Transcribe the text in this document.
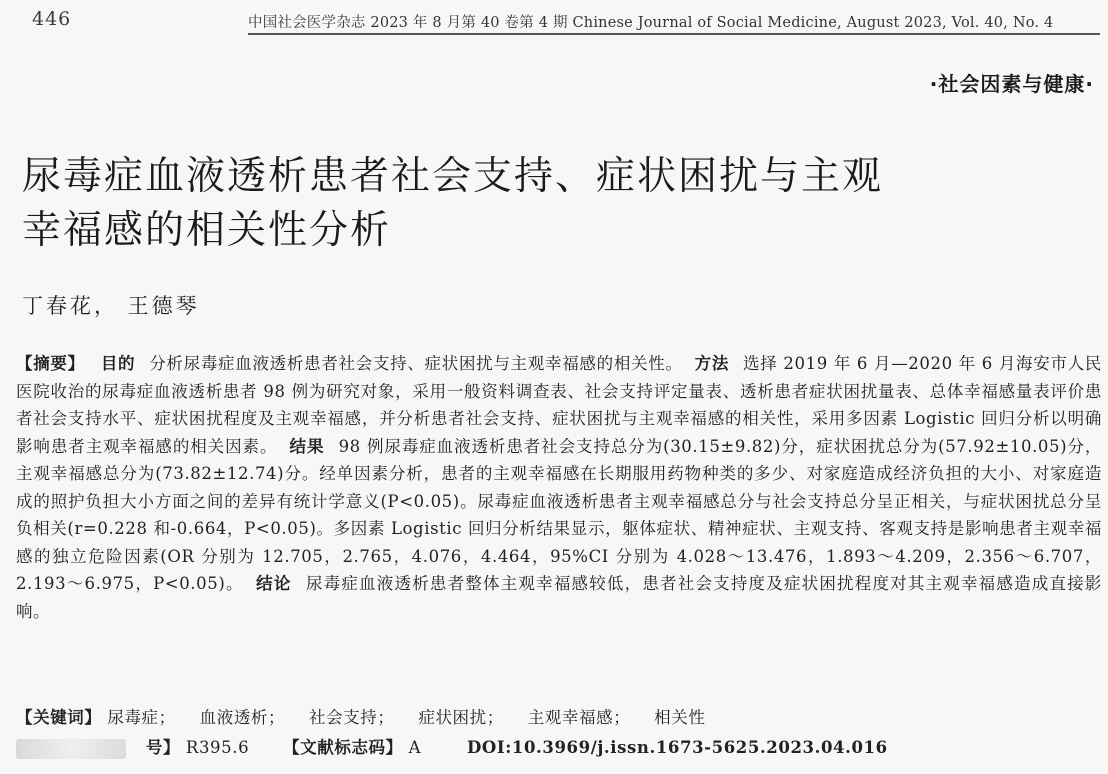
446	中国社会医学杂志 2023 年 8 月第 40 卷第 4 期 Chinese Journal of Social Medicine, August 2023, Vol. 40, No. 4
·社会因素与健康·
尿毒症血液透析患者社会支持、症状困扰与主观
幸福感的相关性分析
丁春花， 王德琴

【摘要】 目的 分析尿毒症血液透析患者社会支持、症状困扰与主观幸福感的相关性。 方法 选择 2019 年 6 月—2020 年 6 月海安市人民医院收治的尿毒症血液透析患者 98 例为研究对象，采用一般资料调查表、社会支持评定量表、透析患者症状困扰量表、总体幸福感量表评价患者社会支持水平、症状困扰程度及主观幸福感，并分析患者社会支持、症状困扰与主观幸福感的相关性，采用多因素 Logistic 回归分析以明确影响患者主观幸福感的相关因素。 结果 98 例尿毒症血液透析患者社会支持总分为(30.15±9.82)分，症状困扰总分为(57.92±10.05)分，主观幸福感总分为(73.82±12.74)分。经单因素分析，患者的主观幸福感在长期服用药物种类的多少、对家庭造成经济负担的大小、对家庭造成的照护负担大小方面之间的差异有统计学意义(P<0.05)。尿毒症血液透析患者主观幸福感总分与社会支持总分呈正相关，与症状困扰总分呈负相关(r=0.228 和-0.664，P<0.05)。多因素 Logistic 回归分析结果显示，躯体症状、精神症状、主观支持、客观支持是影响患者主观幸福感的独立危险因素(OR 分别为 12.705，2.765，4.076，4.464，95%CI 分别为 4.028～13.476，1.893～4.209，2.356～6.707，2.193～6.975，P<0.05)。 结论 尿毒症血液透析患者整体主观幸福感较低，患者社会支持度及症状困扰程度对其主观幸福感造成直接影响。

【关键词】 尿毒症； 血液透析； 社会支持； 症状困扰； 主观幸福感； 相关性
号】 R395.6 【文献标志码】 A	DOI:10.3969/j.issn.1673-5625.2023.04.016
